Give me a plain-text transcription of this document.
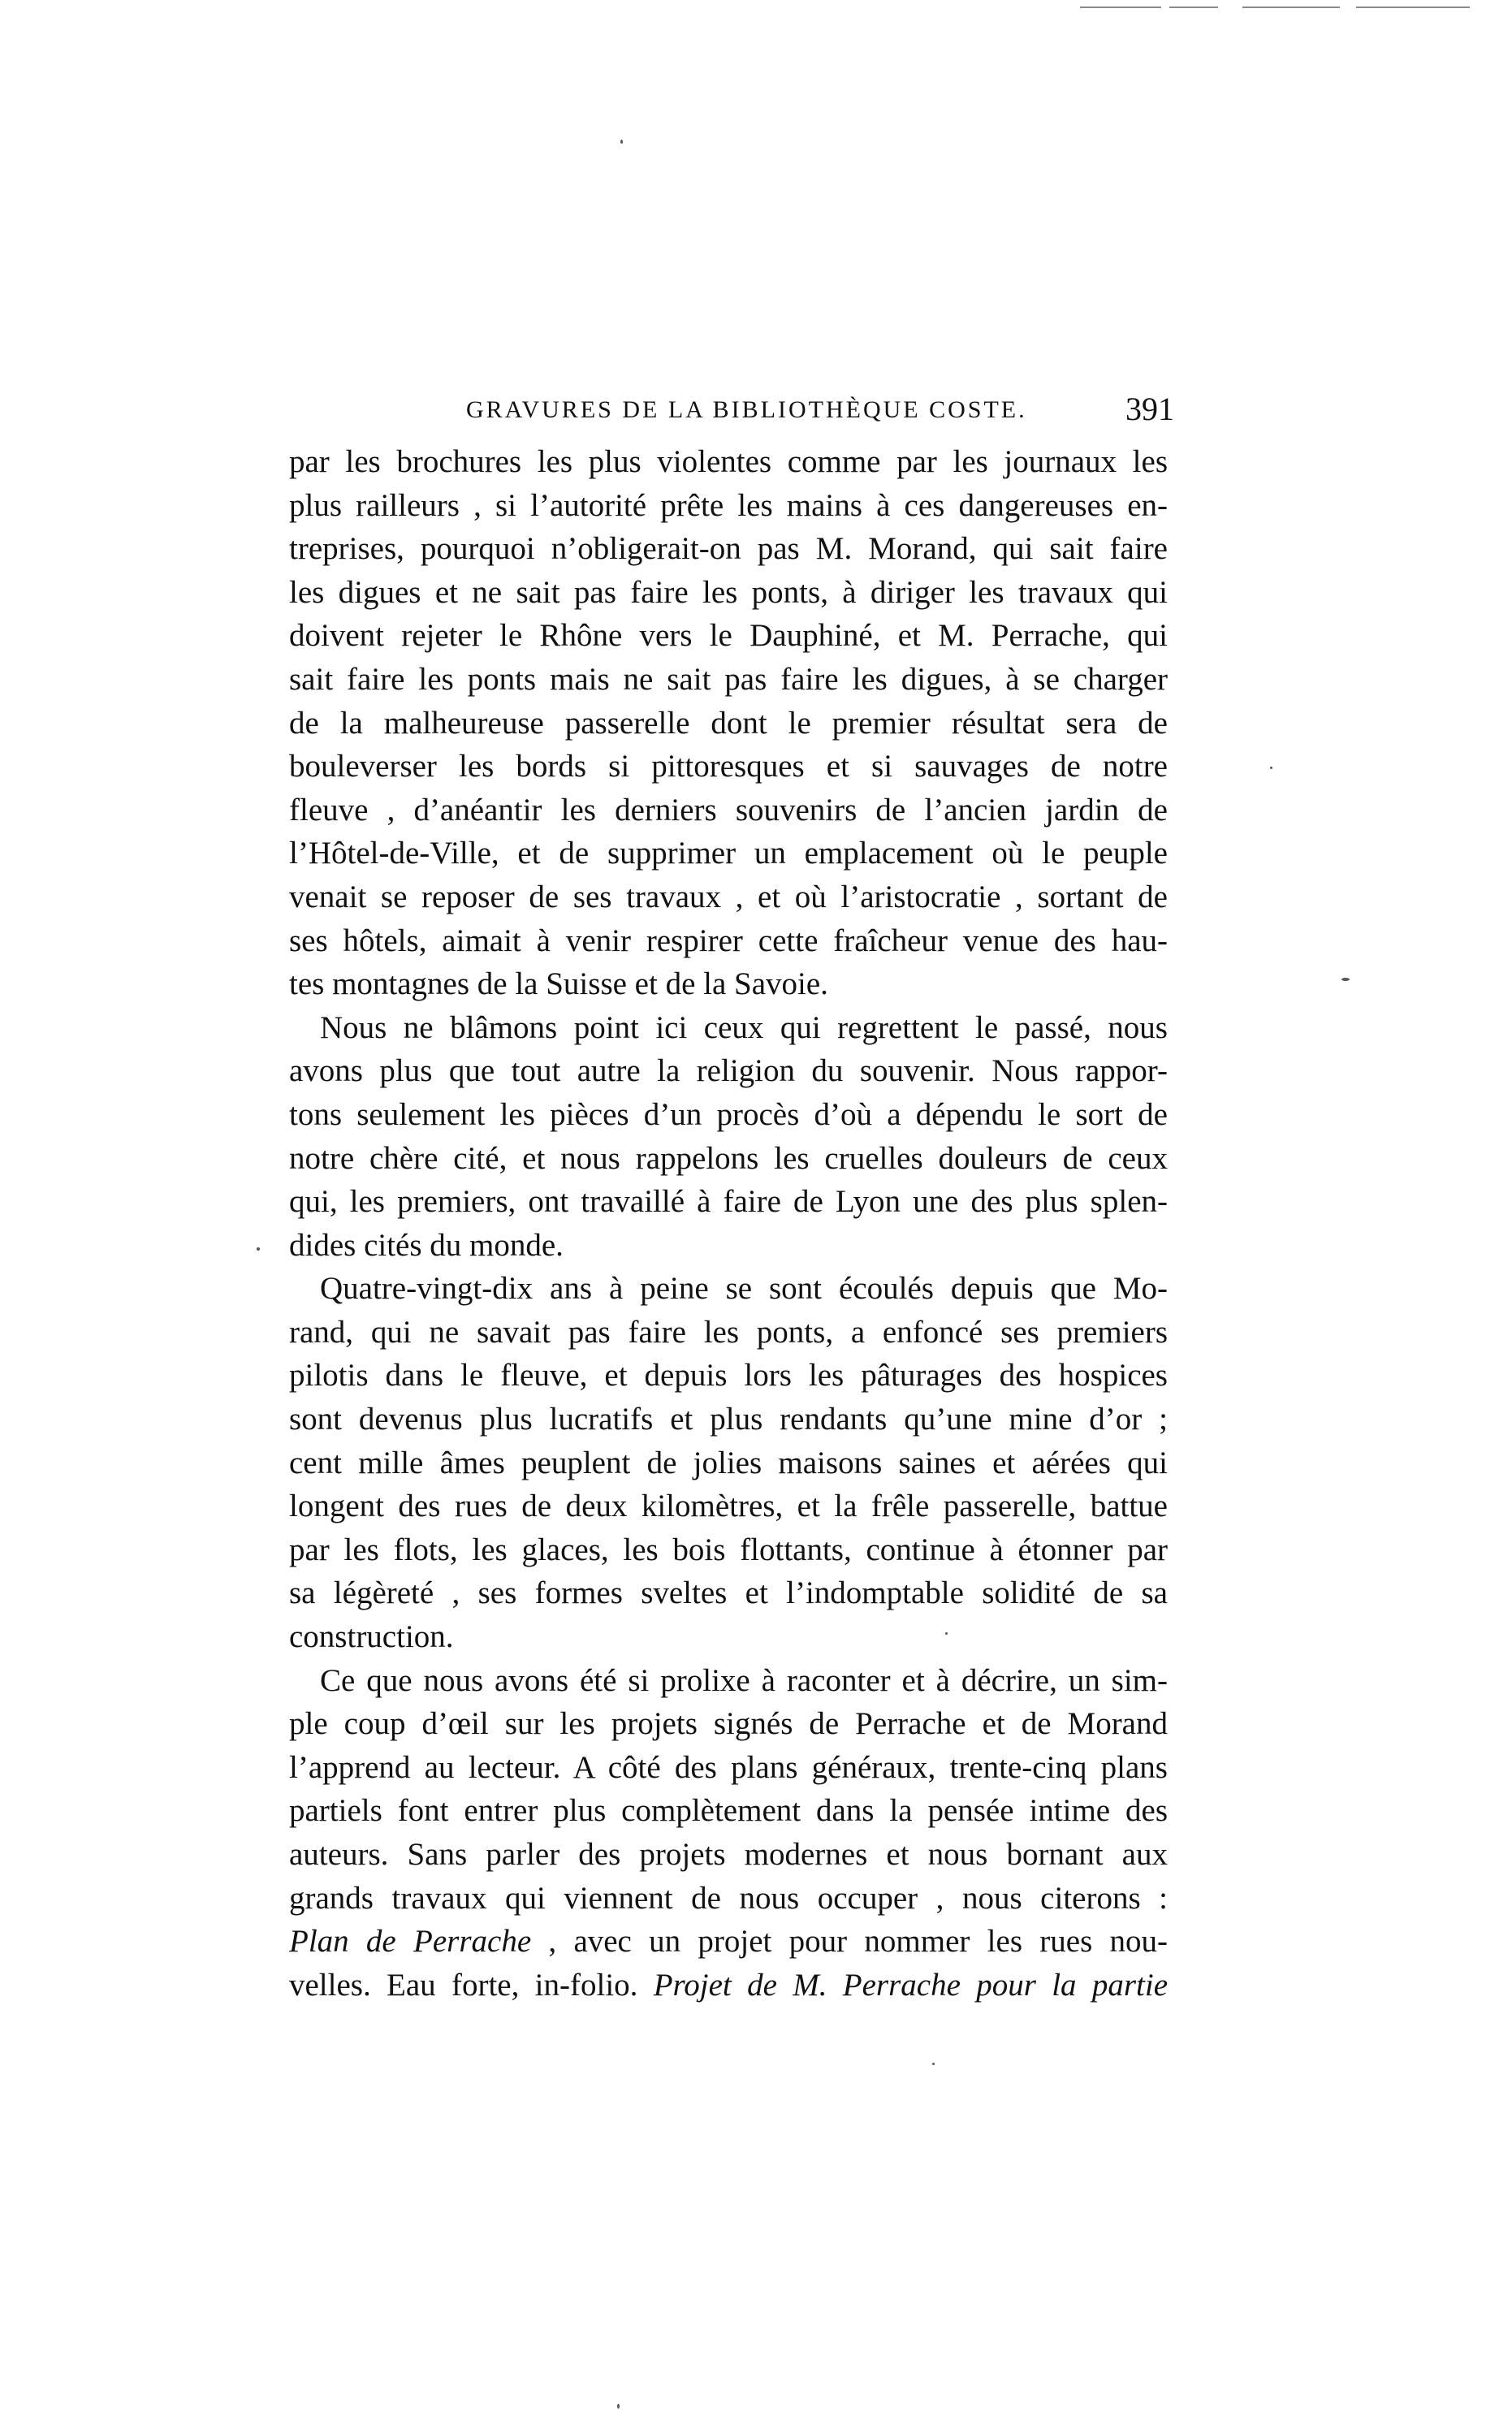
GRAVURES DE LA BIBLIOTHÈQUE COSTE.	391
par les brochures les plus violentes comme par les journaux les
plus railleurs , si l’autorité prête les mains à ces dangereuses en-
treprises, pourquoi n’obligerait-on pas M. Morand, qui sait faire
les digues et ne sait pas faire les ponts, à diriger les travaux qui
doivent rejeter le Rhône vers le Dauphiné, et M. Perrache, qui
sait faire les ponts mais ne sait pas faire les digues, à se charger
de la malheureuse passerelle dont le premier résultat sera de
bouleverser les bords si pittoresques et si sauvages de notre
fleuve , d’anéantir les derniers souvenirs de l’ancien jardin de
l’Hôtel-de-Ville, et de supprimer un emplacement où le peuple
venait se reposer de ses travaux , et où l’aristocratie , sortant de
ses hôtels, aimait à venir respirer cette fraîcheur venue des hau-
tes montagnes de la Suisse et de la Savoie.
Nous ne blâmons point ici ceux qui regrettent le passé, nous
avons plus que tout autre la religion du souvenir. Nous rappor-
tons seulement les pièces d’un procès d’où a dépendu le sort de
notre chère cité, et nous rappelons les cruelles douleurs de ceux
qui, les premiers, ont travaillé à faire de Lyon une des plus splen-
dides cités du monde.
Quatre-vingt-dix ans à peine se sont écoulés depuis que Mo-
rand, qui ne savait pas faire les ponts, a enfoncé ses premiers
pilotis dans le fleuve, et depuis lors les pâturages des hospices
sont devenus plus lucratifs et plus rendants qu’une mine d’or ;
cent mille âmes peuplent de jolies maisons saines et aérées qui
longent des rues de deux kilomètres, et la frêle passerelle, battue
par les flots, les glaces, les bois flottants, continue à étonner par
sa légèreté , ses formes sveltes et l’indomptable solidité de sa
construction.
Ce que nous avons été si prolixe à raconter et à décrire, un sim-
ple coup d’œil sur les projets signés de Perrache et de Morand
l’apprend au lecteur. A côté des plans généraux, trente-cinq plans
partiels font entrer plus complètement dans la pensée intime des
auteurs. Sans parler des projets modernes et nous bornant aux
grands travaux qui viennent de nous occuper , nous citerons :
Plan de Perrache , avec un projet pour nommer les rues nou-
velles. Eau forte, in-folio. Projet de M. Perrache pour la partie
